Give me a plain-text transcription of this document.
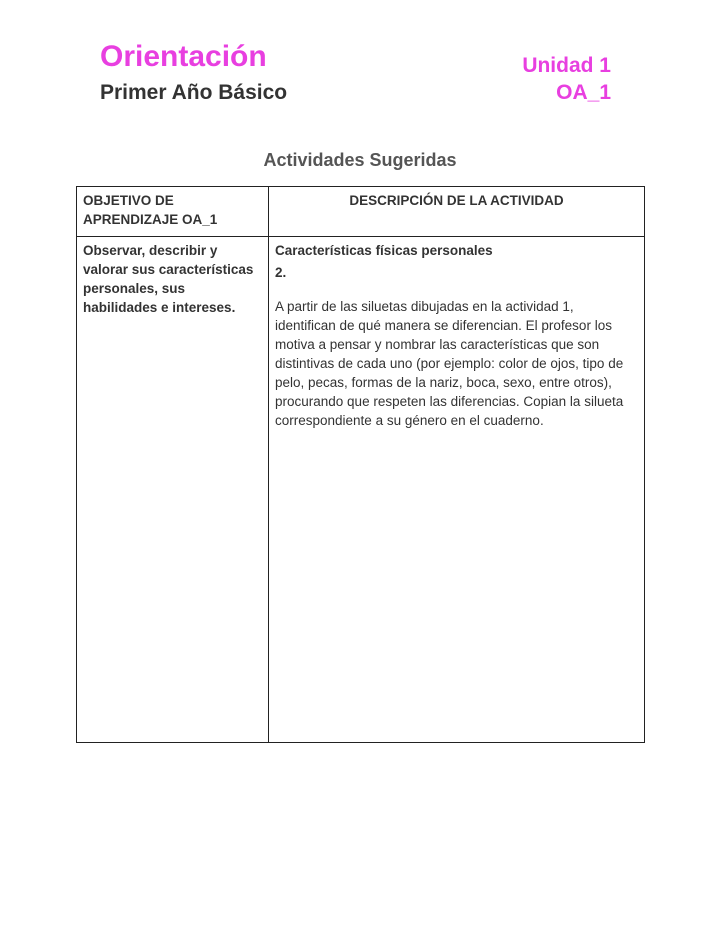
Orientación
Primer Año Básico
Unidad 1
OA_1
Actividades Sugeridas
OBJETIVO DE APRENDIZAJE OA_1	DESCRIPCIÓN DE LA ACTIVIDAD
Observar, describir y valorar sus características personales, sus habilidades e intereses.	Características físicas personales

2.

A partir de las siluetas dibujadas en la actividad 1, identifican de qué manera se diferencian. El profesor los motiva a pensar y nombrar las características que son distintivas de cada uno (por ejemplo: color de ojos, tipo de pelo, pecas, formas de la nariz, boca, sexo, entre otros), procurando que respeten las diferencias. Copian la silueta correspondiente a su género en el cuaderno.
